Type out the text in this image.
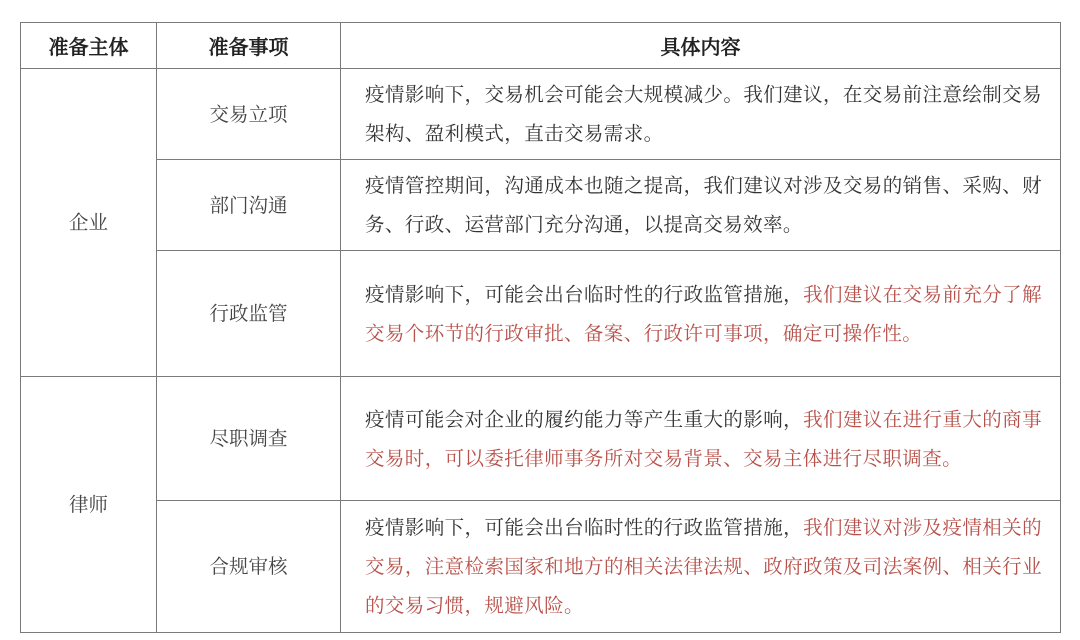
准备主体	准备事项	具体内容
企业	交易立项	疫情影响下，交易机会可能会大规模减少。我们建议，在交易前注意绘制交易架构、盈利模式，直击交易需求。
	部门沟通	疫情管控期间，沟通成本也随之提高，我们建议对涉及交易的销售、采购、财务、行政、运营部门充分沟通，以提高交易效率。
	行政监管	疫情影响下，可能会出台临时性的行政监管措施，我们建议在交易前充分了解交易个环节的行政审批、备案、行政许可事项，确定可操作性。
律师	尽职调查	疫情可能会对企业的履约能力等产生重大的影响，我们建议在进行重大的商事交易时，可以委托律师事务所对交易背景、交易主体进行尽职调查。
	合规审核	疫情影响下，可能会出台临时性的行政监管措施，我们建议对涉及疫情相关的交易，注意检索国家和地方的相关法律法规、政府政策及司法案例、相关行业的交易习惯，规避风险。
